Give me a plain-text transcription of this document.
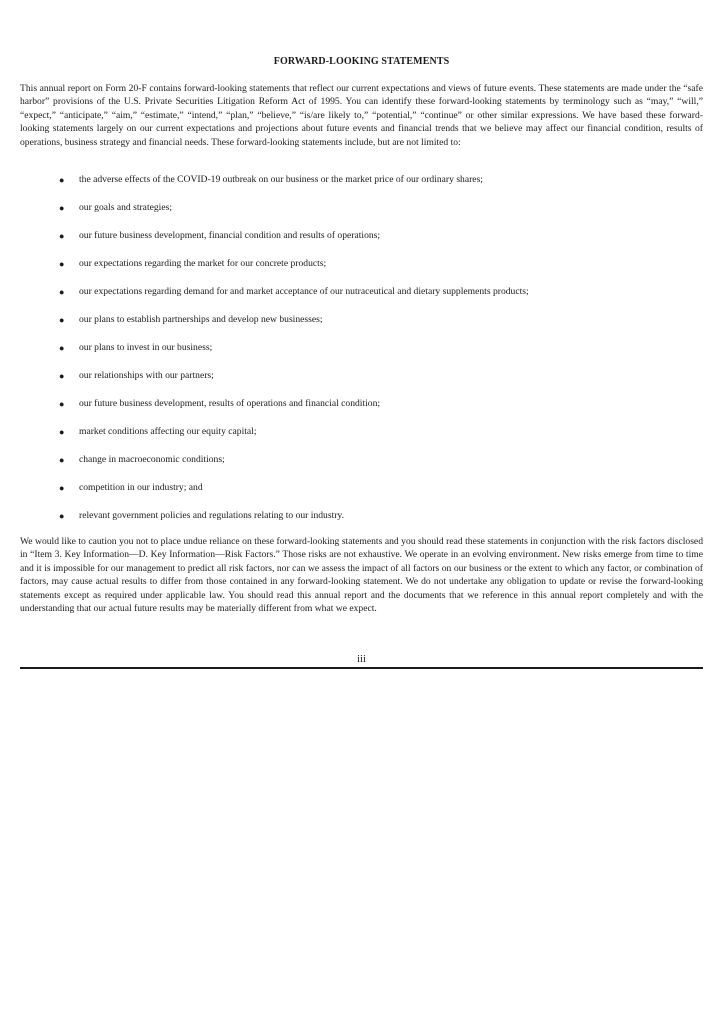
FORWARD-LOOKING STATEMENTS

This annual report on Form 20-F contains forward-looking statements that reflect our current expectations and views of future events. These statements are made under the “safe harbor” provisions of the U.S. Private Securities Litigation Reform Act of 1995. You can identify these forward-looking statements by terminology such as “may,” “will,” “expect,” “anticipate,” “aim,” “estimate,” “intend,” “plan,” “believe,” “is/are likely to,” “potential,” “continue” or other similar expressions. We have based these forward-looking statements largely on our current expectations and projections about future events and financial trends that we believe may affect our financial condition, results of operations, business strategy and financial needs. These forward-looking statements include, but are not limited to:

● the adverse effects of the COVID-19 outbreak on our business or the market price of our ordinary shares;
● our goals and strategies;
● our future business development, financial condition and results of operations;
● our expectations regarding the market for our concrete products;
● our expectations regarding demand for and market acceptance of our nutraceutical and dietary supplements products;
● our plans to establish partnerships and develop new businesses;
● our plans to invest in our business;
● our relationships with our partners;
● our future business development, results of operations and financial condition;
● market conditions affecting our equity capital;
● change in macroeconomic conditions;
● competition in our industry; and
● relevant government policies and regulations relating to our industry.

We would like to caution you not to place undue reliance on these forward-looking statements and you should read these statements in conjunction with the risk factors disclosed in “Item 3. Key Information—D. Key Information—Risk Factors.” Those risks are not exhaustive. We operate in an evolving environment. New risks emerge from time to time and it is impossible for our management to predict all risk factors, nor can we assess the impact of all factors on our business or the extent to which any factor, or combination of factors, may cause actual results to differ from those contained in any forward-looking statement. We do not undertake any obligation to update or revise the forward-looking statements except as required under applicable law. You should read this annual report and the documents that we reference in this annual report completely and with the understanding that our actual future results may be materially different from what we expect.

iii
